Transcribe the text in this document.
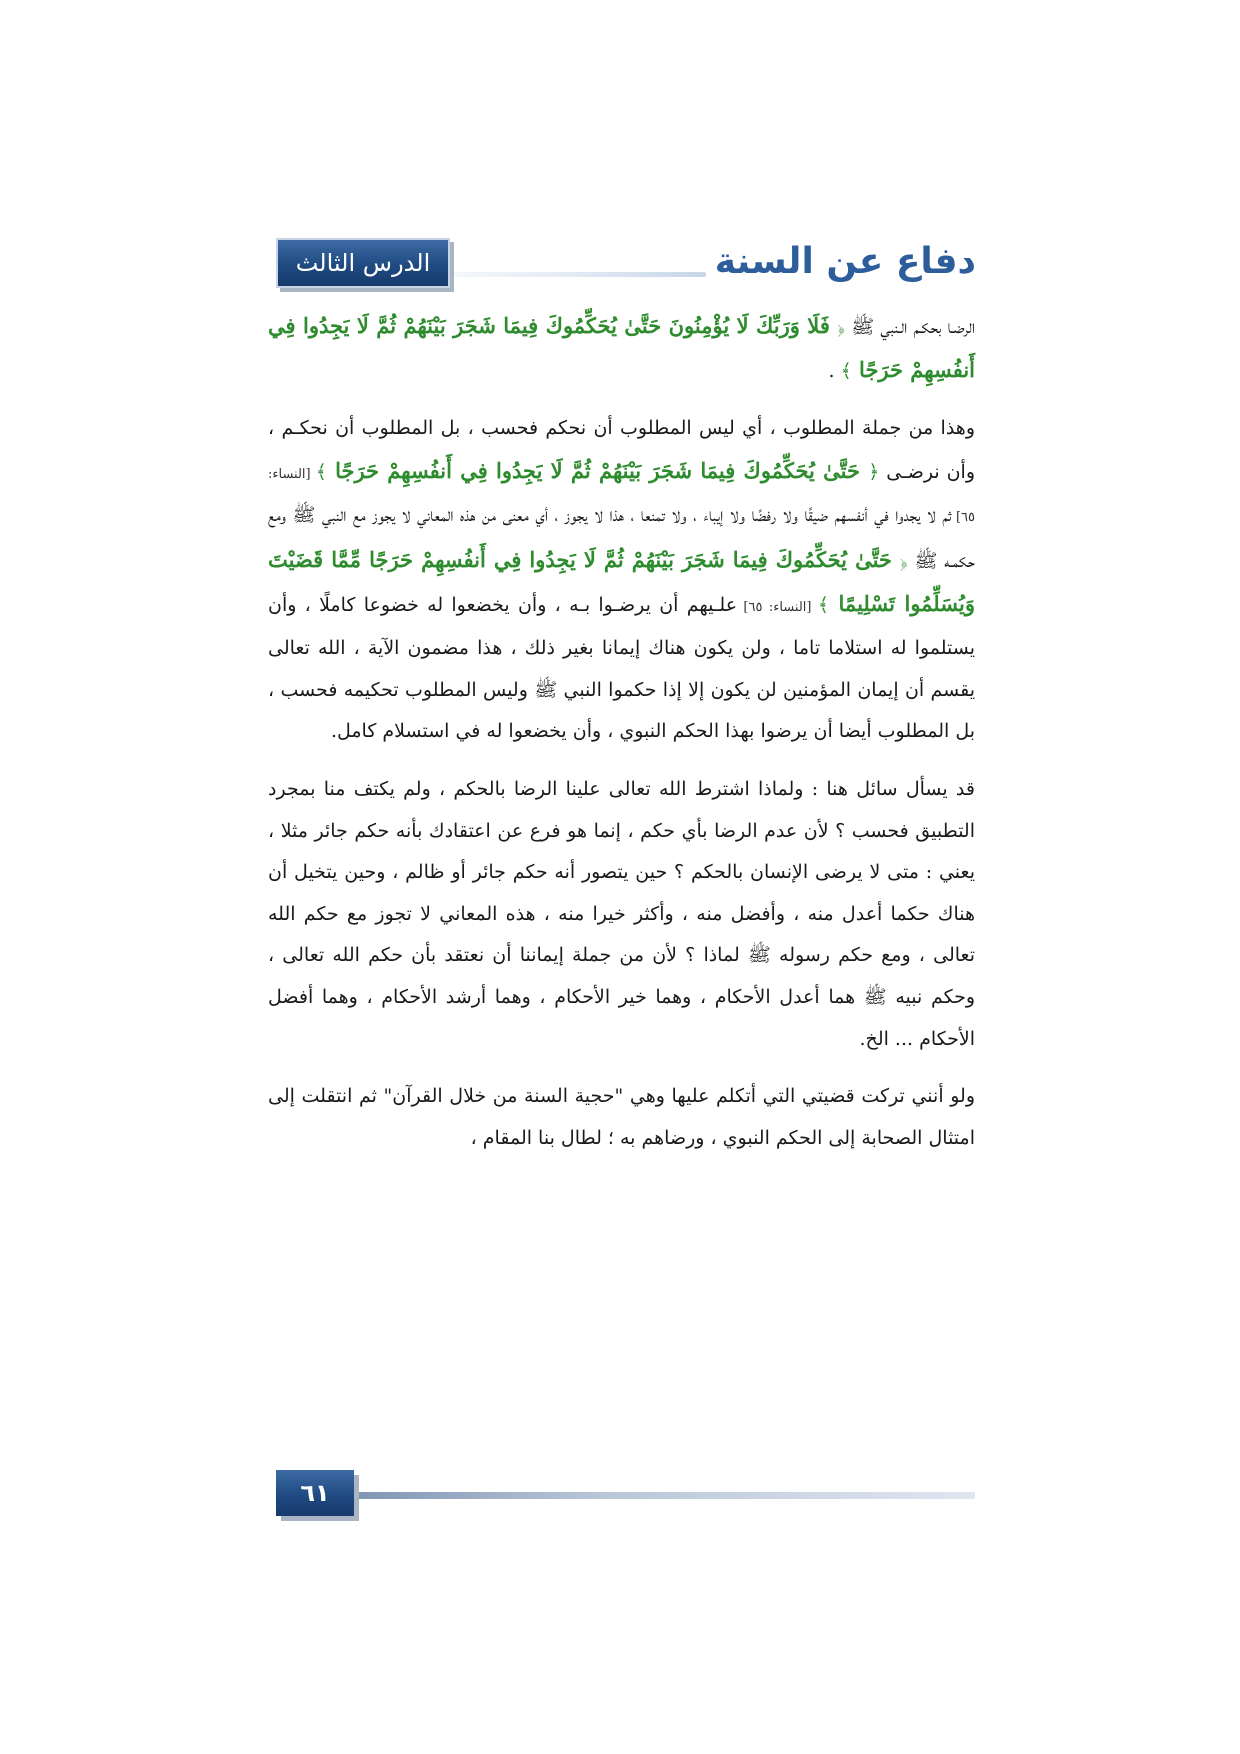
دفاع عن السنة
الدرس الثالث

الرضـا بحكـم الـنبي ﷺ ﴿ فَلَا وَرَبِّكَ لَا يُؤْمِنُونَ حَتَّىٰ يُحَكِّمُوكَ فِيمَا شَجَرَ بَيْنَهُمْ ثُمَّ لَا يَجِدُوا فِي أَنفُسِهِمْ حَرَجًا ﴾ .

وهذا من جملة المطلوب ، أي ليس المطلوب أن نحكم فحسب ، بل المطلوب أن نحكـم ، وأن نرضـى ﴿ حَتَّىٰ يُحَكِّمُوكَ فِيمَا شَجَرَ بَيْنَهُمْ ثُمَّ لَا يَجِدُوا فِي أَنفُسِهِمْ حَرَجًا ﴾ [النساء: ٦٥] ثم لا يجدوا في أنفسهم ضيقًا ولا رفضًا ولا إيباء ، ولا تمنعا ، هذا لا يجوز ، أي معنى من هذه المعاني لا يجوز مع النبي ﷺ ومع حكمـه ﷺ ﴿ حَتَّىٰ يُحَكِّمُوكَ فِيمَا شَجَرَ بَيْنَهُمْ ثُمَّ لَا يَجِدُوا فِي أَنفُسِهِمْ حَرَجًا مِّمَّا قَضَيْتَ وَيُسَلِّمُوا تَسْلِيمًا ﴾ [النساء: ٦٥] علـيهم أن يرضـوا بـه ، وأن يخضعوا له خضوعا كاملًا ، وأن يستلموا له استلاما تاما ، ولن يكون هناك إيمانا بغير ذلك ، هذا مضمون الآية ، الله تعالى يقسم أن إيمان المؤمنين لن يكون إلا إذا حكموا النبي ﷺ وليس المطلوب تحكيمه فحسب ، بل المطلوب أيضا أن يرضوا بهذا الحكم النبوي ، وأن يخضعوا له في استسلام كامل.

قد يسأل سائل هنا : ولماذا اشترط الله تعالى علينا الرضا بالحكم ، ولم يكتف منا بمجرد التطبيق فحسب ؟ لأن عدم الرضا بأي حكم ، إنما هو فرع عن اعتقادك بأنه حكم جائر مثلا ، يعني : متى لا يرضى الإنسان بالحكم ؟ حين يتصور أنه حكم جائر أو ظالم ، وحين يتخيل أن هناك حكما أعدل منه ، وأفضل منه ، وأكثر خيرا منه ، هذه المعاني لا تجوز مع حكم الله تعالى ، ومع حكم رسوله ﷺ لماذا ؟ لأن من جملة إيماننا أن نعتقد بأن حكم الله تعالى ، وحكم نبيه ﷺ هما أعدل الأحكام ، وهما خير الأحكام ، وهما أرشد الأحكام ، وهما أفضل الأحكام ... الخ.

ولو أنني تركت قضيتي التي أتكلم عليها وهي "حجية السنة من خلال القرآن" ثم انتقلت إلى امتثال الصحابة إلى الحكم النبوي ، ورضاهم به ؛ لطال بنا المقام ،

٦١
